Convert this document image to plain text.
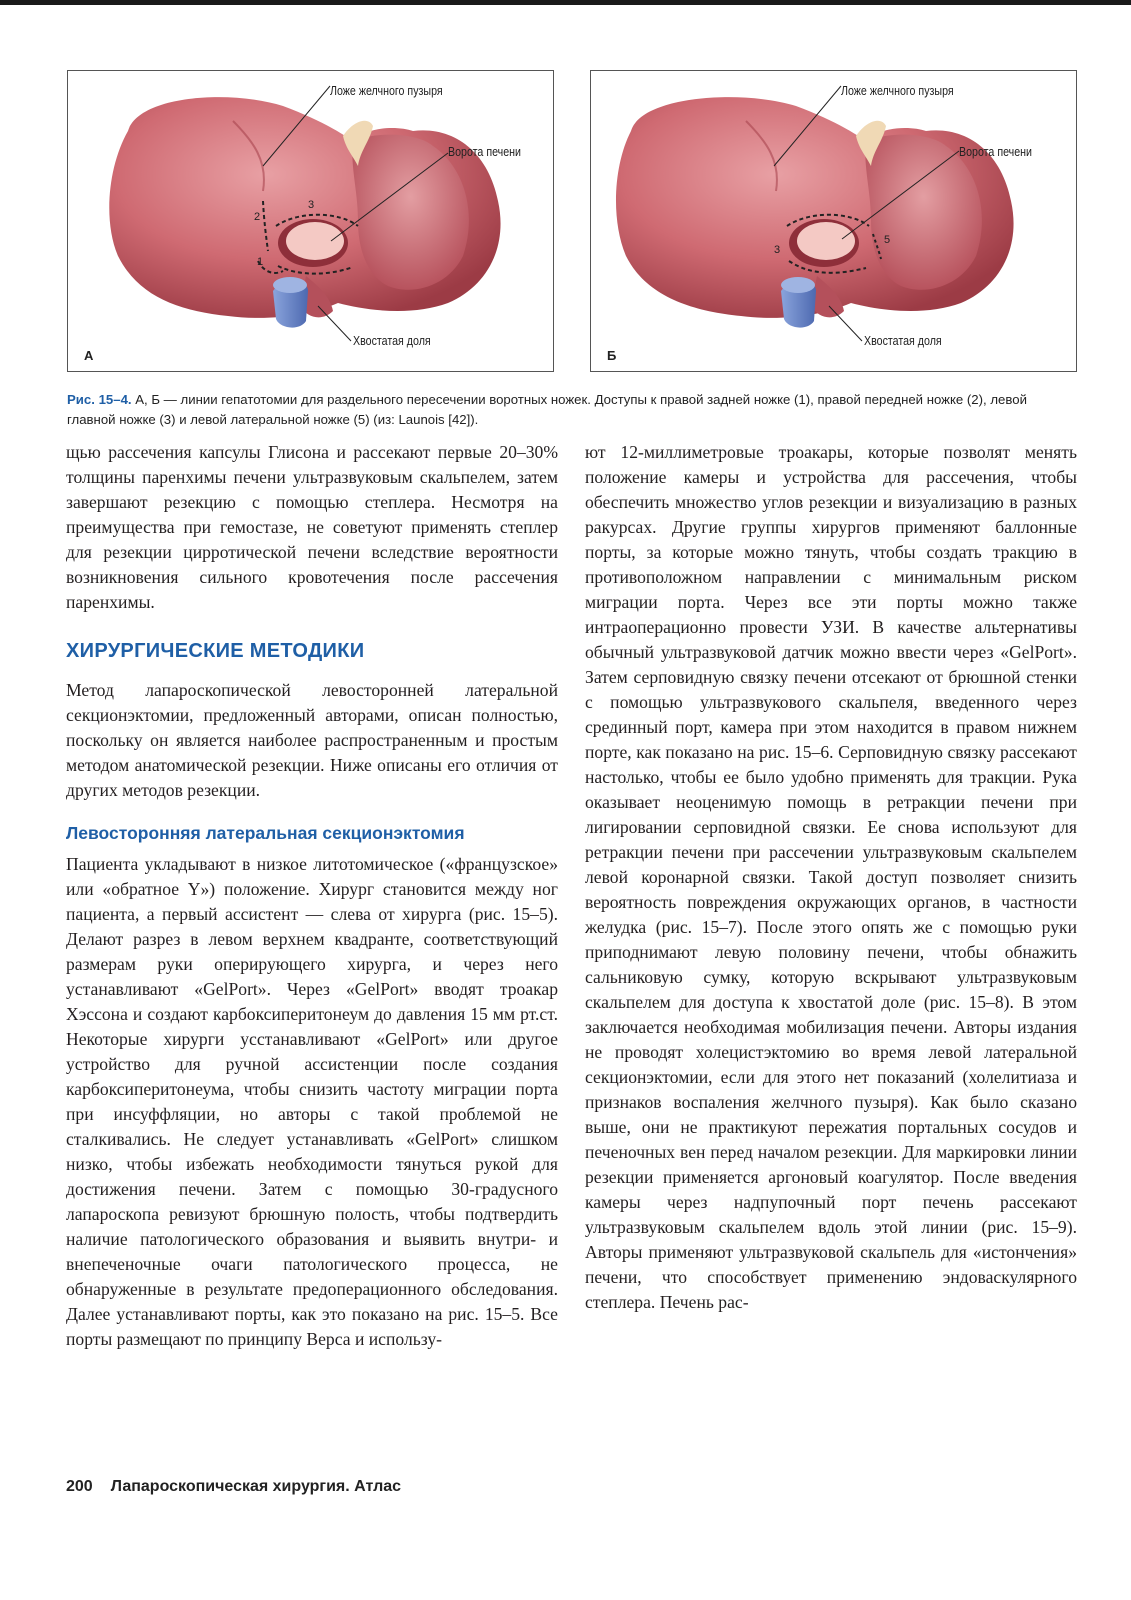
Ложе желчного пузыря
Ворота печени
Хвостатая доля
1
2
3
А
Ложе желчного пузыря
Ворота печени
Хвостатая доля
3
5
Б
Рис. 15–4. А, Б — линии гепатотомии для раздельного пересечении воротных ножек. Доступы к правой задней ножке (1), правой передней ножке (2), левой главной ножке (3) и левой латеральной ножке (5) (из: Launois [42]).

щью рассечения капсулы Глисона и рассекают первые 20–30% толщины паренхимы печени ультразвуковым скальпелем, затем завершают резекцию с помощью степлера. Несмотря на преимущества при гемостазе, не советуют применять степлер для резекции цирротической печени вследствие вероятности возникновения сильного кровотечения после рассечения паренхимы.

ХИРУРГИЧЕСКИЕ МЕТОДИКИ

Метод лапароскопической левосторонней латеральной секционэктомии, предложенный авторами, описан полностью, поскольку он является наиболее распространенным и простым методом анатомической резекции. Ниже описаны его отличия от других методов резекции.

Левосторонняя латеральная секционэктомия

Пациента укладывают в низкое литотомическое («французское» или «обратное Y») положение. Хирург становится между ног пациента, а первый ассистент — слева от хирурга (рис. 15–5). Делают разрез в левом верхнем квадранте, соответствующий размерам руки оперирующего хирурга, и через него устанавливают «GelPort». Через «GelPort» вводят троакар Хэссона и создают карбоксиперитонеум до давления 15 мм рт.ст. Некоторые хирурги усстанавливают «GelPort» или другое устройство для ручной ассистенции после создания карбоксиперитонеума, чтобы снизить частоту миграции порта при инсуффляции, но авторы с такой проблемой не сталкивались. Не следует устанавливать «GelPort» слишком низко, чтобы избежать необходимости тянуться рукой для достижения печени. Затем с помощью 30-градусного лапароскопа ревизуют брюшную полость, чтобы подтвердить наличие патологического образования и выявить внутри- и внепеченочные очаги патологического процесса, не обнаруженные в результате предоперационного обследования. Далее устанавливают порты, как это показано на рис. 15–5. Все порты размещают по принципу Верса и использу-

ют 12-миллиметровые троакары, которые позволят менять положение камеры и устройства для рассечения, чтобы обеспечить множество углов резекции и визуализацию в разных ракурсах. Другие группы хирургов применяют баллонные порты, за которые можно тянуть, чтобы создать тракцию в противоположном направлении с минимальным риском миграции порта. Через все эти порты можно также интраоперационно провести УЗИ. В качестве альтернативы обычный ультразвуковой датчик можно ввести через «GelPort». Затем серповидную связку печени отсекают от брюшной стенки с помощью ультразвукового скальпеля, введенного через срединный порт, камера при этом находится в правом нижнем порте, как показано на рис. 15–6. Серповидную связку рассекают настолько, чтобы ее было удобно применять для тракции. Рука оказывает неоценимую помощь в ретракции печени при лигировании серповидной связки. Ее снова используют для ретракции печени при рассечении ультразвуковым скальпелем левой коронарной связки. Такой доступ позволяет снизить вероятность повреждения окружающих органов, в частности желудка (рис. 15–7). После этого опять же с помощью руки приподнимают левую половину печени, чтобы обнажить сальниковую сумку, которую вскрывают ультразвуковым скальпелем для доступа к хвостатой доле (рис. 15–8). В этом заключается необходимая мобилизация печени. Авторы издания не проводят холецистэктомию во время левой латеральной секционэктомии, если для этого нет показаний (холелитиаза и признаков воспаления желчного пузыря). Как было сказано выше, они не практикуют пережатия портальных сосудов и печеночных вен перед началом резекции. Для маркировки линии резекции применяется аргоновый коагулятор. После введения камеры через надпупочный порт печень рассекают ультразвуковым скальпелем вдоль этой линии (рис. 15–9). Авторы применяют ультразвуковой скальпель для «истончения» печени, что способствует применению эндоваскулярного степлера. Печень рас-

200 Лапароскопическая хирургия. Атлас
